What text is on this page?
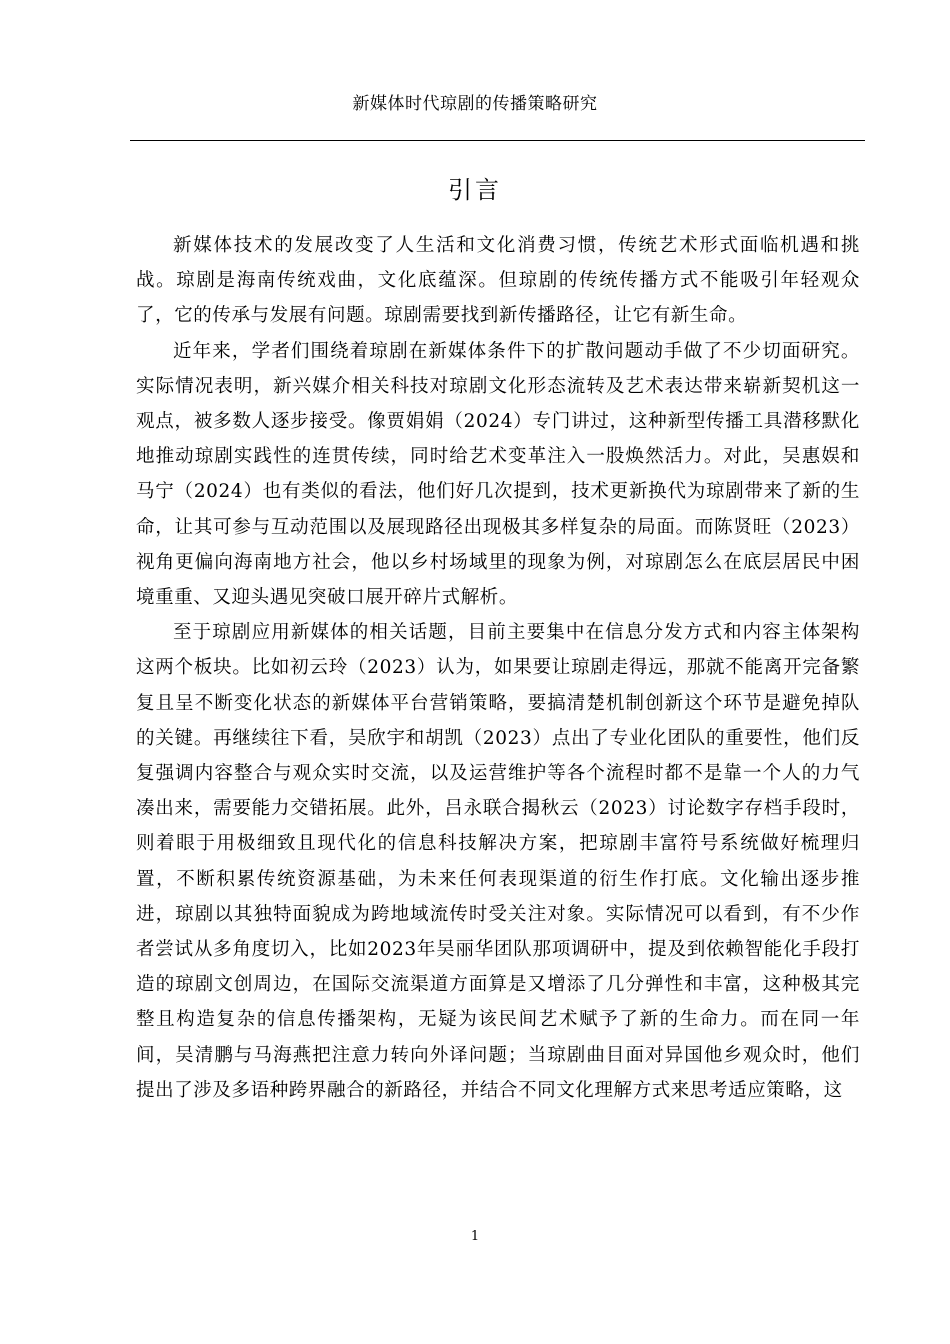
新媒体时代琼剧的传播策略研究
引言

新媒体技术的发展改变了人生活和文化消费习惯，传统艺术形式面临机遇和挑战。琼剧是海南传统戏曲，文化底蕴深。但琼剧的传统传播方式不能吸引年轻观众了，它的传承与发展有问题。琼剧需要找到新传播路径，让它有新生命。

近年来，学者们围绕着琼剧在新媒体条件下的扩散问题动手做了不少切面研究。实际情况表明，新兴媒介相关科技对琼剧文化形态流转及艺术表达带来崭新契机这一观点，被多数人逐步接受。像贾娟娟（2024）专门讲过，这种新型传播工具潜移默化地推动琼剧实践性的连贯传续，同时给艺术变革注入一股焕然活力。对此，吴惠娱和马宁（2024）也有类似的看法，他们好几次提到，技术更新换代为琼剧带来了新的生命，让其可参与互动范围以及展现路径出现极其多样复杂的局面。而陈贤旺（2023）视角更偏向海南地方社会，他以乡村场域里的现象为例，对琼剧怎么在底层居民中困境重重、又迎头遇见突破口展开碎片式解析。

至于琼剧应用新媒体的相关话题，目前主要集中在信息分发方式和内容主体架构这两个板块。比如初云玲（2023）认为，如果要让琼剧走得远，那就不能离开完备繁复且呈不断变化状态的新媒体平台营销策略，要搞清楚机制创新这个环节是避免掉队的关键。再继续往下看，吴欣宇和胡凯（2023）点出了专业化团队的重要性，他们反复强调内容整合与观众实时交流，以及运营维护等各个流程时都不是靠一个人的力气凑出来，需要能力交错拓展。此外，吕永联合揭秋云（2023）讨论数字存档手段时，则着眼于用极细致且现代化的信息科技解决方案，把琼剧丰富符号系统做好梳理归置，不断积累传统资源基础，为未来任何表现渠道的衍生作打底。文化输出逐步推进，琼剧以其独特面貌成为跨地域流传时受关注对象。实际情况可以看到，有不少作者尝试从多角度切入，比如2023年吴丽华团队那项调研中，提及到依赖智能化手段打造的琼剧文创周边，在国际交流渠道方面算是又增添了几分弹性和丰富，这种极其完整且构造复杂的信息传播架构，无疑为该民间艺术赋予了新的生命力。而在同一年间，吴清鹏与马海燕把注意力转向外译问题；当琼剧曲目面对异国他乡观众时，他们提出了涉及多语种跨界融合的新路径，并结合不同文化理解方式来思考适应策略，这

1
